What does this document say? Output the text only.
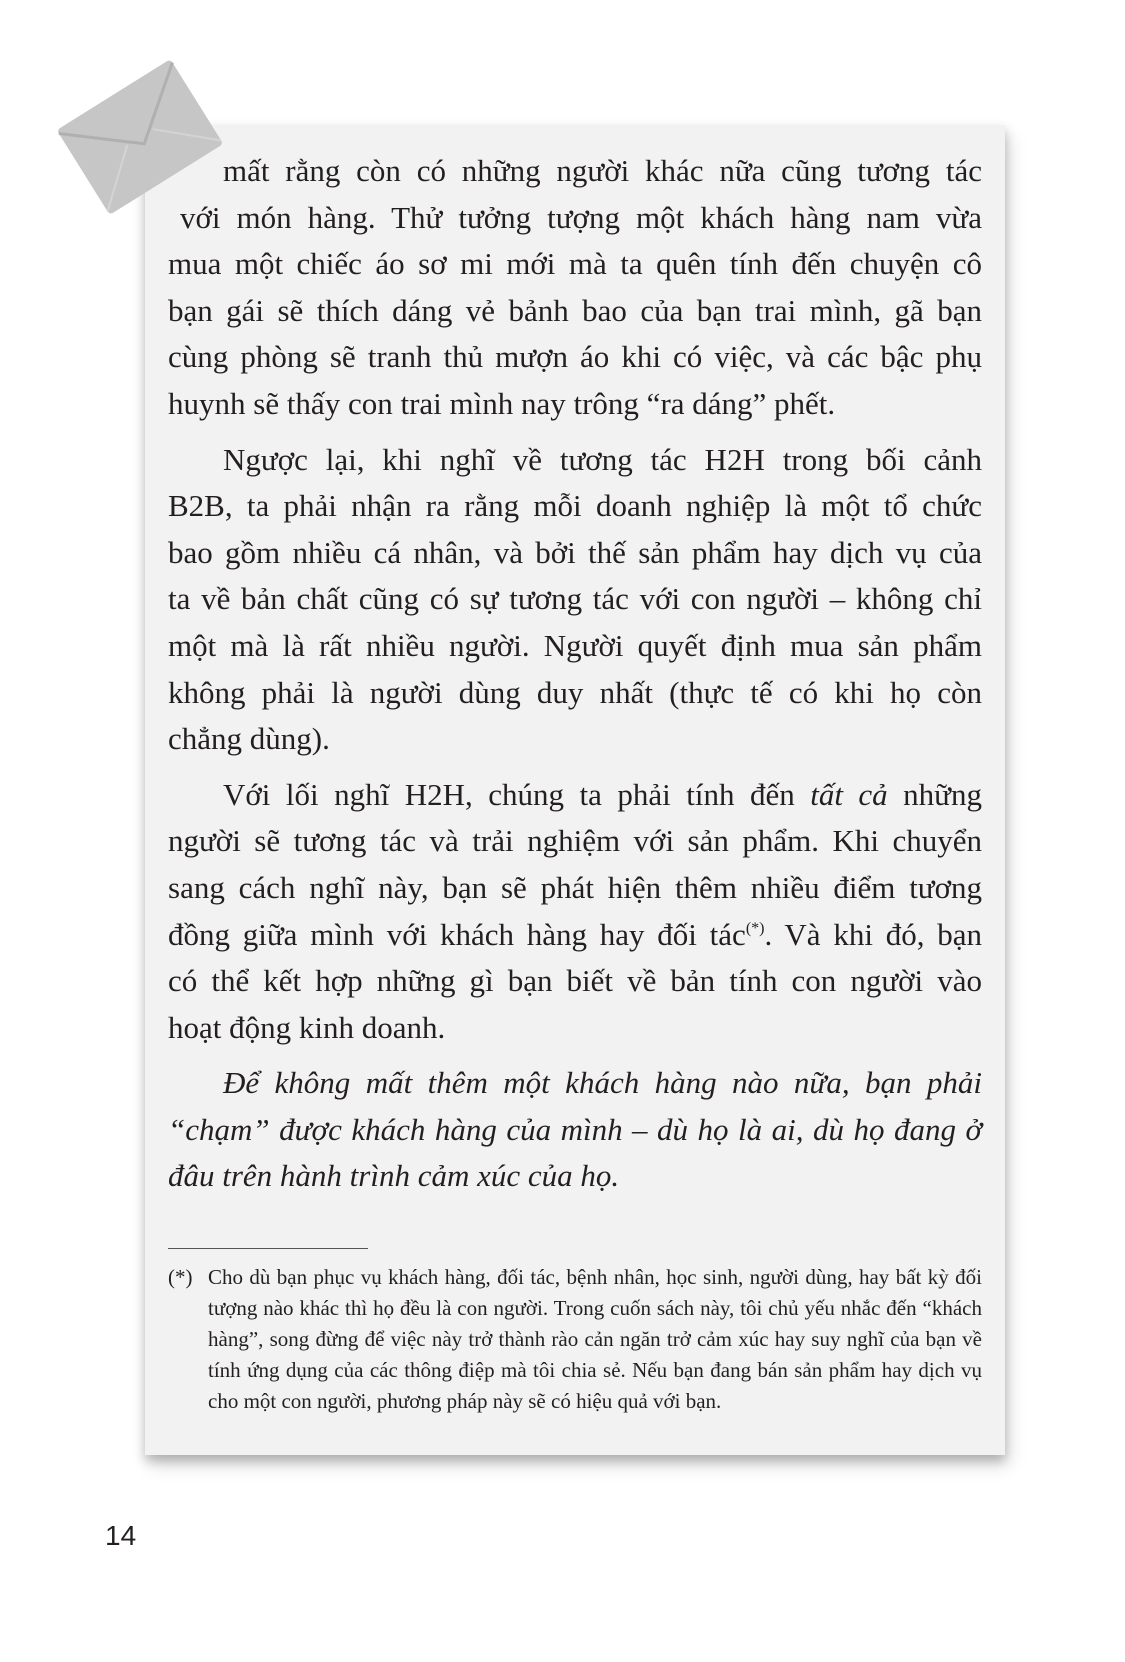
mất rằng còn có những người khác nữa cũng tương tác
với món hàng. Thử tưởng tượng một khách hàng nam vừa
mua một chiếc áo sơ mi mới mà ta quên tính đến chuyện cô
bạn gái sẽ thích dáng vẻ bảnh bao của bạn trai mình, gã bạn
cùng phòng sẽ tranh thủ mượn áo khi có việc, và các bậc phụ
huynh sẽ thấy con trai mình nay trông “ra dáng” phết.

Ngược lại, khi nghĩ về tương tác H2H trong bối cảnh
B2B, ta phải nhận ra rằng mỗi doanh nghiệp là một tổ chức
bao gồm nhiều cá nhân, và bởi thế sản phẩm hay dịch vụ của
ta về bản chất cũng có sự tương tác với con người – không chỉ
một mà là rất nhiều người. Người quyết định mua sản phẩm
không phải là người dùng duy nhất (thực tế có khi họ còn
chẳng dùng).

Với lối nghĩ H2H, chúng ta phải tính đến tất cả những
người sẽ tương tác và trải nghiệm với sản phẩm. Khi chuyển
sang cách nghĩ này, bạn sẽ phát hiện thêm nhiều điểm tương
đồng giữa mình với khách hàng hay đối tác(*). Và khi đó, bạn
có thể kết hợp những gì bạn biết về bản tính con người vào
hoạt động kinh doanh.

Để không mất thêm một khách hàng nào nữa, bạn phải
“chạm” được khách hàng của mình – dù họ là ai, dù họ đang ở
đâu trên hành trình cảm xúc của họ.

(*) Cho dù bạn phục vụ khách hàng, đối tác, bệnh nhân, học sinh, người dùng, hay bất kỳ đối tượng nào khác thì họ đều là con người. Trong cuốn sách này, tôi chủ yếu nhắc đến “khách hàng”, song đừng để việc này trở thành rào cản ngăn trở cảm xúc hay suy nghĩ của bạn về tính ứng dụng của các thông điệp mà tôi chia sẻ. Nếu bạn đang bán sản phẩm hay dịch vụ cho một con người, phương pháp này sẽ có hiệu quả với bạn.
14
